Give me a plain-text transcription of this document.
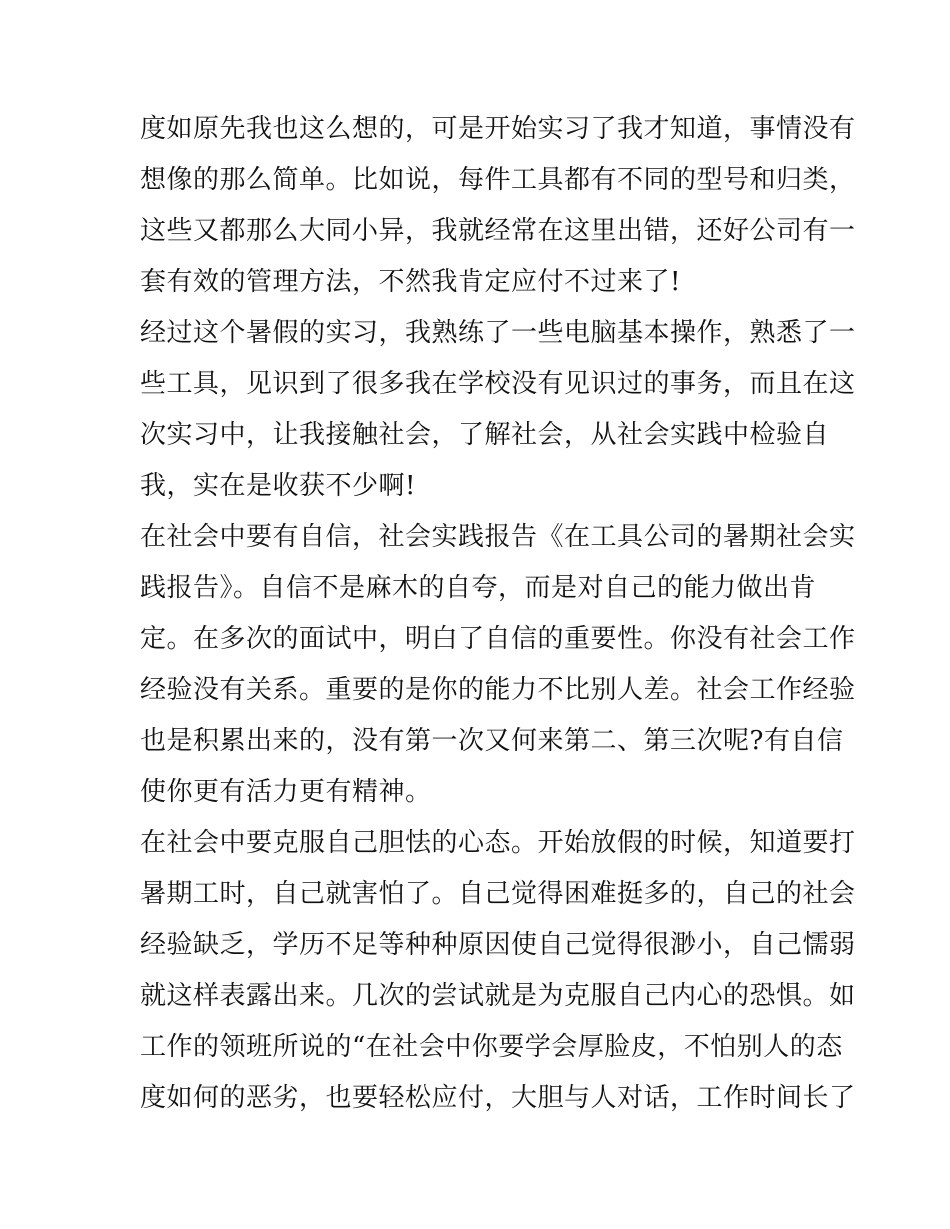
度如原先我也这么想的，可是开始实习了我才知道，事情没有
想像的那么简单。比如说，每件工具都有不同的型号和归类，
这些又都那么大同小异，我就经常在这里出错，还好公司有一
套有效的管理方法，不然我肯定应付不过来了!
经过这个暑假的实习，我熟练了一些电脑基本操作，熟悉了一
些工具，见识到了很多我在学校没有见识过的事务，而且在这
次实习中，让我接触社会，了解社会，从社会实践中检验自
我，实在是收获不少啊!
在社会中要有自信，社会实践报告《在工具公司的暑期社会实
践报告》。自信不是麻木的自夸，而是对自己的能力做出肯
定。在多次的面试中，明白了自信的重要性。你没有社会工作
经验没有关系。重要的是你的能力不比别人差。社会工作经验
也是积累出来的，没有第一次又何来第二、第三次呢?有自信
使你更有活力更有精神。
在社会中要克服自己胆怯的心态。开始放假的时候，知道要打
暑期工时，自己就害怕了。自己觉得困难挺多的，自己的社会
经验缺乏，学历不足等种种原因使自己觉得很渺小，自己懦弱
就这样表露出来。几次的尝试就是为克服自己内心的恐惧。如
工作的领班所说的“在社会中你要学会厚脸皮，不怕别人的态
度如何的恶劣，也要轻松应付，大胆与人对话，工作时间长了
